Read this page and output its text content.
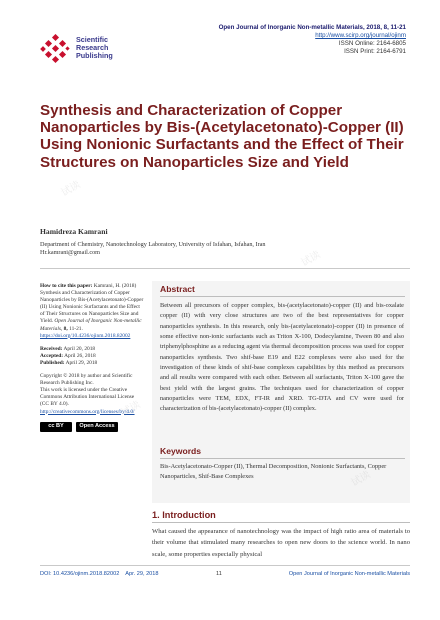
Scientific
Research
Publishing
Open Journal of Inorganic Non-metallic Materials, 2018, 8, 11-21
http://www.scirp.org/journal/ojinm
ISSN Online: 2164-6805
ISSN Print: 2164-6791
Synthesis and Characterization of Copper Nanoparticles by Bis-(Acetylacetonato)-Copper (II) Using Nonionic Surfactants and the Effect of Their Structures on Nanoparticles Size and Yield
Hamidreza Kamrani
Department of Chemistry, Nanotechnology Laboratory, University of Isfahan, Isfahan, Iran
Hr.kamrani@gmail.com

How to cite this paper: Kamrani, H. (2018) Synthesis and Characterization of Copper Nanoparticles by Bis-(Acetylacetonato)-Copper (II) Using Nonionic Surfactants and the Effect of Their Structures on Nanoparticles Size and Yield. Open Journal of Inorganic Non-metallic Materials, 8, 11-21.
https://doi.org/10.4236/ojinm.2018.82002

Received: April 20, 2018
Accepted: April 26, 2018
Published: April 29, 2018

Copyright © 2018 by author and Scientific Research Publishing Inc.
This work is licensed under the Creative Commons Attribution International License (CC BY 4.0).
http://creativecommons.org/licenses/by/4.0/

cc BY	Open Access
Abstract
Between all precursors of copper complex, bis-(acetylacetonato)-copper (II) and bis-oxalate copper (II) with very close structures are two of the best representatives for copper nanoparticles synthesis. In this research, only bis-(acetylacetonato)-copper (II) in presence of some effective non-ionic surfactants such as Triton X-100, Dodecylamine, Tween 80 and also triphenylphosphine as a reducing agent via thermal decomposition process was used for copper nanoparticles synthesis. Two shif-base E19 and E22 complexes were also used for the investigation of these kinds of shif-base complexes capabilities by this method as precursors and all results were compared with each other. Between all surfactants, Triton X-100 gave the best yield with the largest grains. The techniques used for characterization of copper nanoparticles were TEM, EDX, FT-IR and XRD. TG-DTA and CV were used for characterization of bis-(acetylacetonato)-copper (II) complex.
Keywords
Bis-Acetylacetonato-Copper (II), Thermal Decomposition, Nonionic Surfactants, Copper Nanoparticles, Shif-Base Complexes
1. Introduction
What caused the appearance of nanotechnology was the impact of high ratio area of materials to their volume that stimulated many researches to open new doors to the science world. In nano scale, some properties especially physical
DOI: 10.4236/ojinm.2018.82002 Apr. 29, 2018	11	Open Journal of Inorganic Non-metallic Materials
试读
试读
试读
